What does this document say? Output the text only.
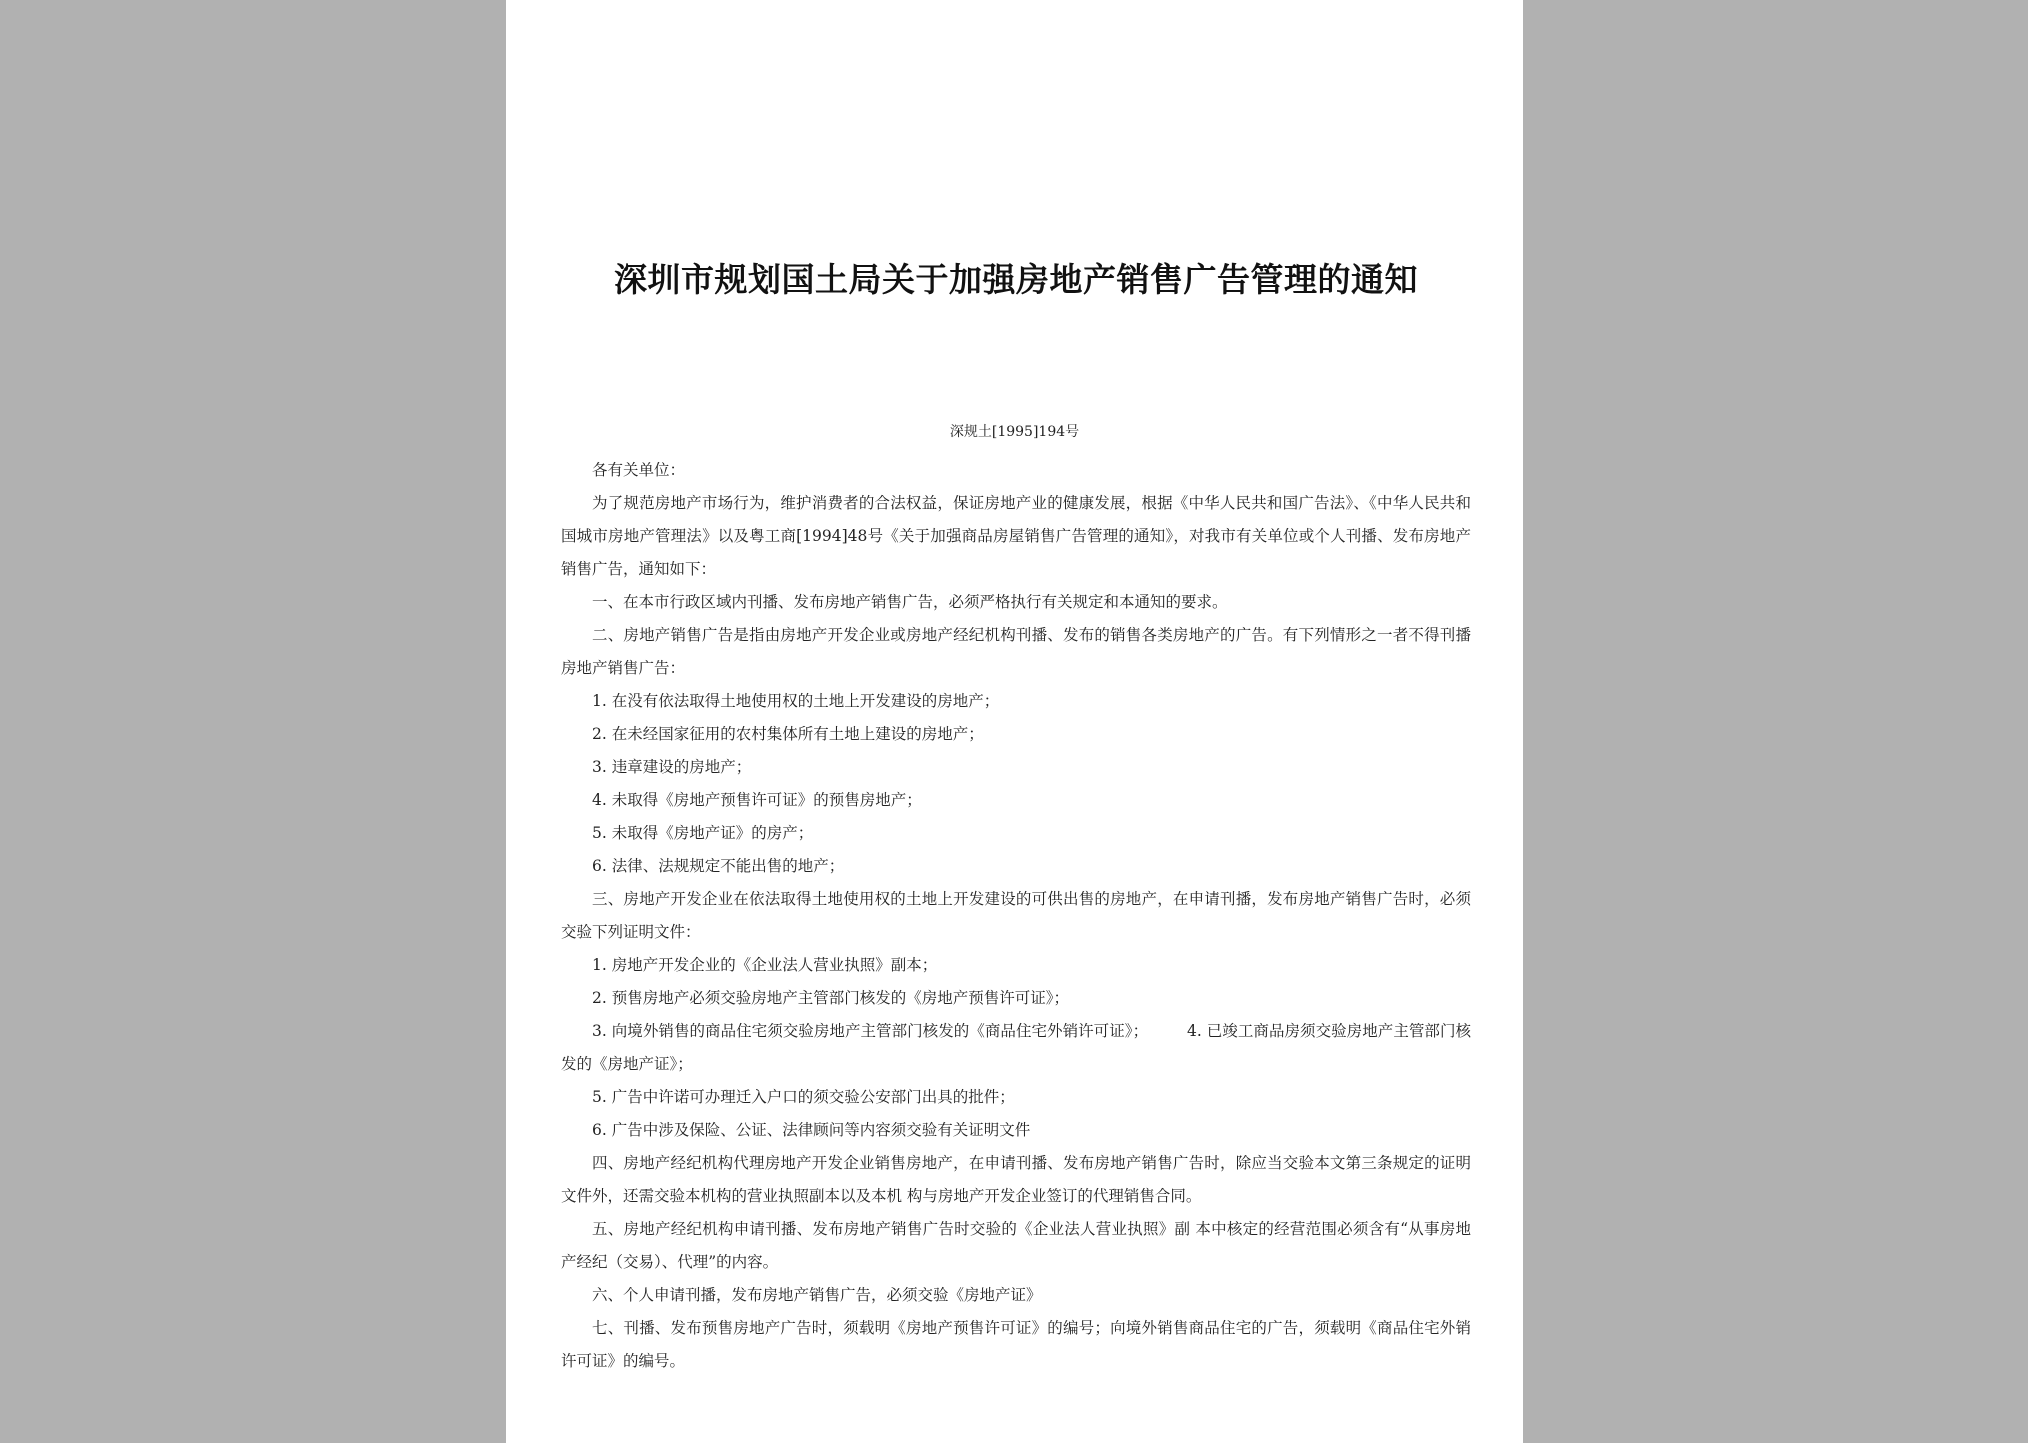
深圳市规划国土局关于加强房地产销售广告管理的通知
深规土[1995]194号

各有关单位：

为了规范房地产市场行为，维护消费者的合法权益，保证房地产业的健康发展，根据《中华人民共和国广告法》、《中华人民共和国城市房地产管理法》以及粤工商[1994]48号《关于加强商品房屋销售广告管理的通知》，对我市有关单位或个人刊播、发布房地产销售广告，通知如下：

一、在本市行政区域内刊播、发布房地产销售广告，必须严格执行有关规定和本通知的要求。

二、房地产销售广告是指由房地产开发企业或房地产经纪机构刊播、发布的销售各类房地产的广告。有下列情形之一者不得刊播房地产销售广告：

1. 在没有依法取得土地使用权的土地上开发建设的房地产；

2. 在未经国家征用的农村集体所有土地上建设的房地产；

3. 违章建设的房地产；

4. 未取得《房地产预售许可证》的预售房地产；

5. 未取得《房地产证》的房产；

6. 法律、法规规定不能出售的地产；

三、房地产开发企业在依法取得土地使用权的土地上开发建设的可供出售的房地产，在申请刊播，发布房地产销售广告时，必须交验下列证明文件：

1. 房地产开发企业的《企业法人营业执照》副本；

2. 预售房地产必须交验房地产主管部门核发的《房地产预售许可证》；

3. 向境外销售的商品住宅须交验房地产主管部门核发的《商品住宅外销许可证》；　　　4. 已竣工商品房须交验房地产主管部门核发的《房地产证》；

5. 广告中许诺可办理迁入户口的须交验公安部门出具的批件；

6. 广告中涉及保险、公证、法律顾问等内容须交验有关证明文件

四、房地产经纪机构代理房地产开发企业销售房地产，在申请刊播、发布房地产销售广告时，除应当交验本文第三条规定的证明文件外，还需交验本机构的营业执照副本以及本机 构与房地产开发企业签订的代理销售合同。

五、房地产经纪机构申请刊播、发布房地产销售广告时交验的《企业法人营业执照》副 本中核定的经营范围必须含有“从事房地产经纪（交易）、代理”的内容。

六、个人申请刊播，发布房地产销售广告，必须交验《房地产证》

七、刊播、发布预售房地产广告时，须载明《房地产预售许可证》的编号；向境外销售商品住宅的广告，须载明《商品住宅外销许可证》的编号。
